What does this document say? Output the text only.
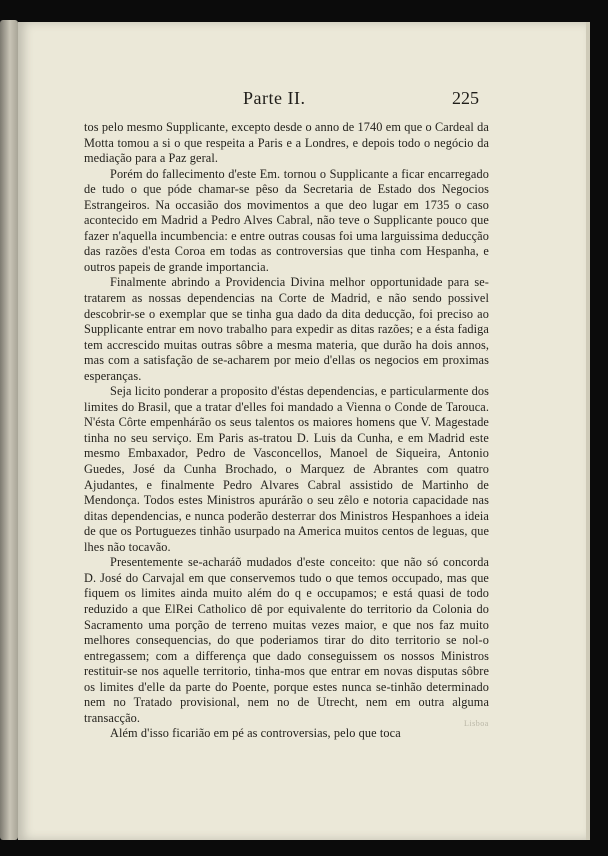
Parte II.	225

tos pelo mesmo Supplicante, excepto desde o anno de 1740 em que o Cardeal da Motta tomou a si o que respeita a Paris e a Londres, e depois todo o negócio da mediação para a Paz geral.

Porém do fallecimento d'este Em. tornou o Supplicante a ficar encarregado de tudo o que póde chamar-se pêso da Secretaria de Estado dos Negocios Estrangeiros. Na occasião dos movimentos a que deo lugar em 1735 o caso acontecido em Madrid a Pedro Alves Cabral, não teve o Supplicante pouco que fazer n'aquella incumbencia: e entre outras cousas foi uma larguissima deducção das razões d'esta Coroa em todas as controversias que tinha com Hespanha, e outros papeis de grande importancia.

Finalmente abrindo a Providencia Divina melhor opportunidade para se-tratarem as nossas dependencias na Corte de Madrid, e não sendo possivel descobrir-se o exemplar que se tinha gua dado da dita deducção, foi preciso ao Supplicante entrar em novo trabalho para expedir as ditas razões; e a ésta fadiga tem accrescido muitas outras sôbre a mesma materia, que durão ha dois annos, mas com a satisfação de se-acharem por meio d'ellas os negocios em proximas esperanças.

Seja licito ponderar a proposito d'éstas dependencias, e particularmente dos limites do Brasil, que a tratar d'elles foi mandado a Vienna o Conde de Tarouca. N'ésta Côrte empenhárão os seus talentos os maiores homens que V. Magestade tinha no seu serviço. Em Paris as-tratou D. Luis da Cunha, e em Madrid este mesmo Embaxador, Pedro de Vasconcellos, Manoel de Siqueira, Antonio Guedes, José da Cunha Brochado, o Marquez de Abrantes com quatro Ajudantes, e finalmente Pedro Alvares Cabral assistido de Martinho de Mendonça. Todos estes Ministros apurárão o seu zêlo e notoria capacidade nas ditas dependencias, e nunca poderão desterrar dos Ministros Hespanhoes a ideia de que os Portuguezes tinhão usurpado na America muitos centos de leguas, que lhes não tocavão.

Presentemente se-acharáõ mudados d'este conceito: que não só concorda D. José do Carvajal em que conservemos tudo o que temos occupado, mas que fiquem os limites ainda muito além do q e occupamos; e está quasi de todo reduzido a que ElRei Catholico dê por equivalente do territorio da Colonia do Sacramento uma porção de terreno muitas vezes maior, e que nos faz muito melhores consequencias, do que poderiamos tirar do dito territorio se nol-o entregassem; com a differença que dado conseguissem os nossos Ministros restituir-se nos aquelle territorio, tinha-mos que entrar em novas disputas sôbre os limites d'elle da parte do Poente, porque estes nunca se-tinhão determinado nem no Tratado provisional, nem no de Utrecht, nem em outra alguma transacção.

Além d'isso ficarião em pé as controversias, pelo que toca

Lisboa
